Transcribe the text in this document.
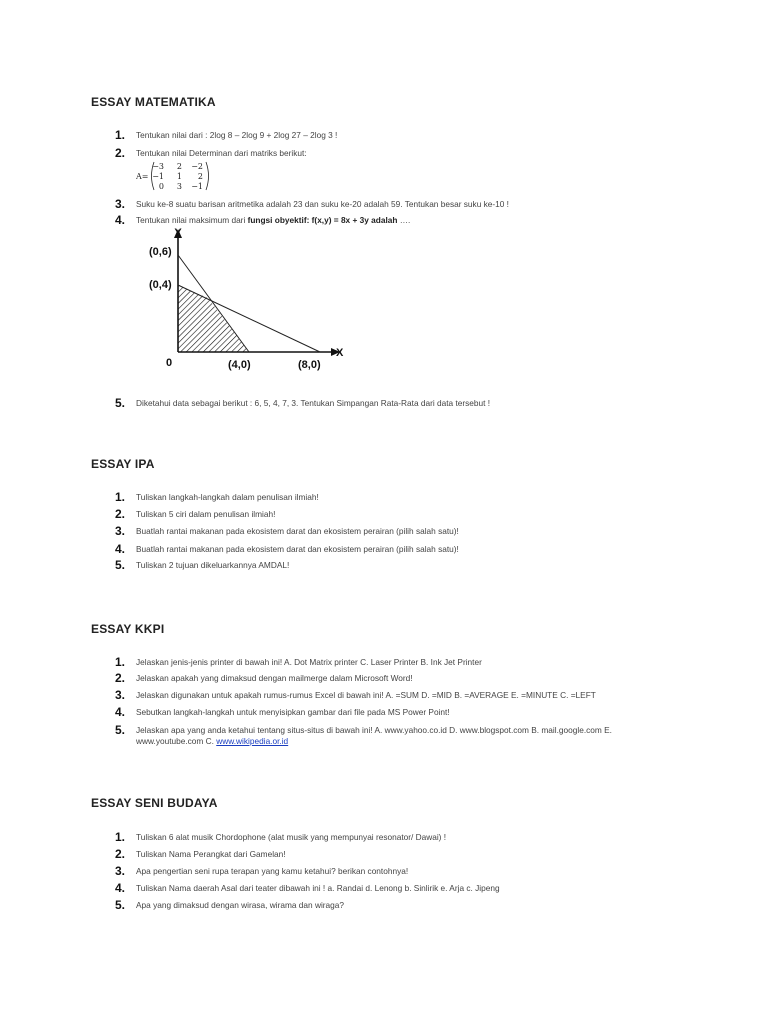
ESSAY MATEMATIKA
1. Tentukan nilai dari : 2log 8 – 2log 9 + 2log 27 – 2log 3 !
2. Tentukan nilai Determinan dari matriks berikut:
A=
−3 2 −2
−1 1 2
0 3 −1
3. Suku ke-8 suatu barisan aritmetika adalah 23 dan suku ke-20 adalah 59. Tentukan besar suku ke-10 !
4. Tentukan nilai maksimum dari fungsi obyektif: f(x,y) = 8x + 3y adalah ….
Y
X
0
(0,6)
(0,4)
(4,0)	(8,0)
5. Diketahui data sebagai berikut : 6, 5, 4, 7, 3. Tentukan Simpangan Rata-Rata dari data tersebut !
ESSAY IPA
1. Tuliskan langkah-langkah dalam penulisan ilmiah!
2. Tuliskan 5 ciri dalam penulisan ilmiah!
3. Buatlah rantai makanan pada ekosistem darat dan ekosistem perairan (pilih salah satu)!
4. Buatlah rantai makanan pada ekosistem darat dan ekosistem perairan (pilih salah satu)!
5. Tuliskan 2 tujuan dikeluarkannya AMDAL!
ESSAY KKPI
1. Jelaskan jenis-jenis printer di bawah ini! A. Dot Matrix printer C. Laser Printer B. Ink Jet Printer
2. Jelaskan apakah yang dimaksud dengan mailmerge dalam Microsoft Word!
3. Jelaskan digunakan untuk apakah rumus-rumus Excel di bawah ini! A. =SUM D. =MID B. =AVERAGE E. =MINUTE C. =LEFT
4. Sebutkan langkah-langkah untuk menyisipkan gambar dari file pada MS Power Point!
5. Jelaskan apa yang anda ketahui tentang situs-situs di bawah ini! A. www.yahoo.co.id D. www.blogspot.com B. mail.google.com E. www.youtube.com C. www.wikipedia.or.id
ESSAY SENI BUDAYA
1. Tuliskan 6 alat musik Chordophone (alat musik yang mempunyai resonator/ Dawai) !
2. Tuliskan Nama Perangkat dari Gamelan!
3. Apa pengertian seni rupa terapan yang kamu ketahui? berikan contohnya!
4. Tuliskan Nama daerah Asal dari teater dibawah ini ! a. Randai d. Lenong b. Sinlirik e. Arja c. Jipeng
5. Apa yang dimaksud dengan wirasa, wirama dan wiraga?
